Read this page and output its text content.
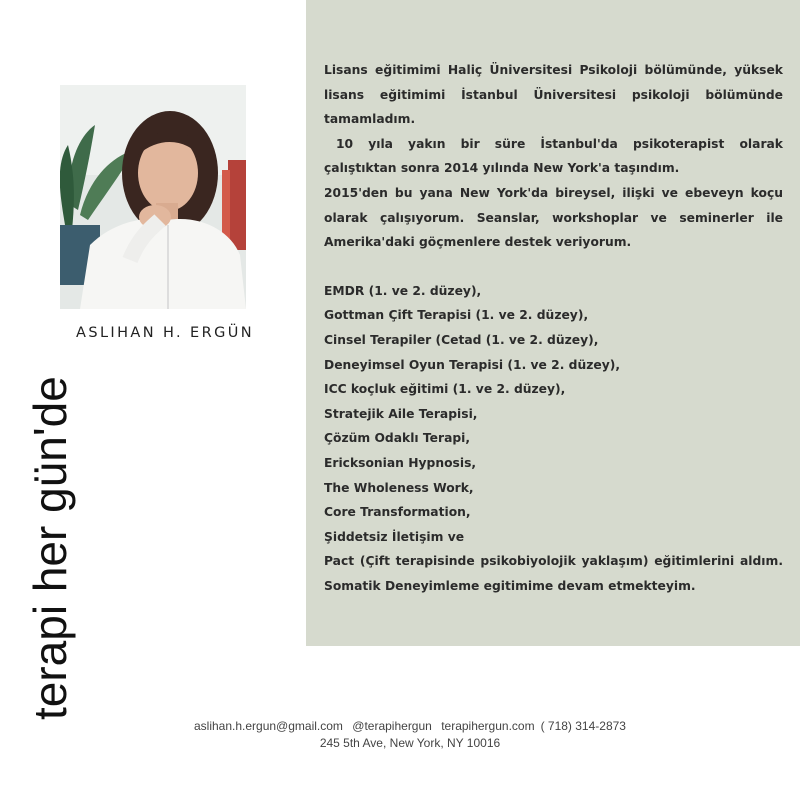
ASLIHAN H. ERGÜN
terapi her gün'de

Lisans eğitimimi Haliç Üniversitesi Psikoloji bölümünde, yüksek lisans eğitimimi İstanbul Üniversitesi psikoloji bölümünde tamamladım.

10 yıla yakın bir süre İstanbul'da psikoterapist olarak çalıştıktan sonra 2014 yılında New York'a taşındım.

2015'den bu yana New York'da bireysel, ilişki ve ebeveyn koçu olarak çalışıyorum. Seanslar, workshoplar ve seminerler ile Amerika'daki göçmenlere destek veriyorum.

EMDR (1. ve 2. düzey),
Gottman Çift Terapisi (1. ve 2. düzey),
Cinsel Terapiler (Cetad (1. ve 2. düzey),
Deneyimsel Oyun Terapisi (1. ve 2. düzey),
ICC koçluk eğitimi (1. ve 2. düzey),
Stratejik Aile Terapisi,
Çözüm Odaklı Terapi,
Ericksonian Hypnosis,
The Wholeness Work,
Core Transformation,
Şiddetsiz İletişim ve

Pact (Çift terapisinde psikobiyolojik yaklaşım) eğitimlerini aldım. Somatik Deneyimleme egitimime devam etmekteyim.

aslihan.h.ergun@gmail.com @terapihergun terapihergun.com ( 718) 314-2873
245 5th Ave, New York, NY 10016
